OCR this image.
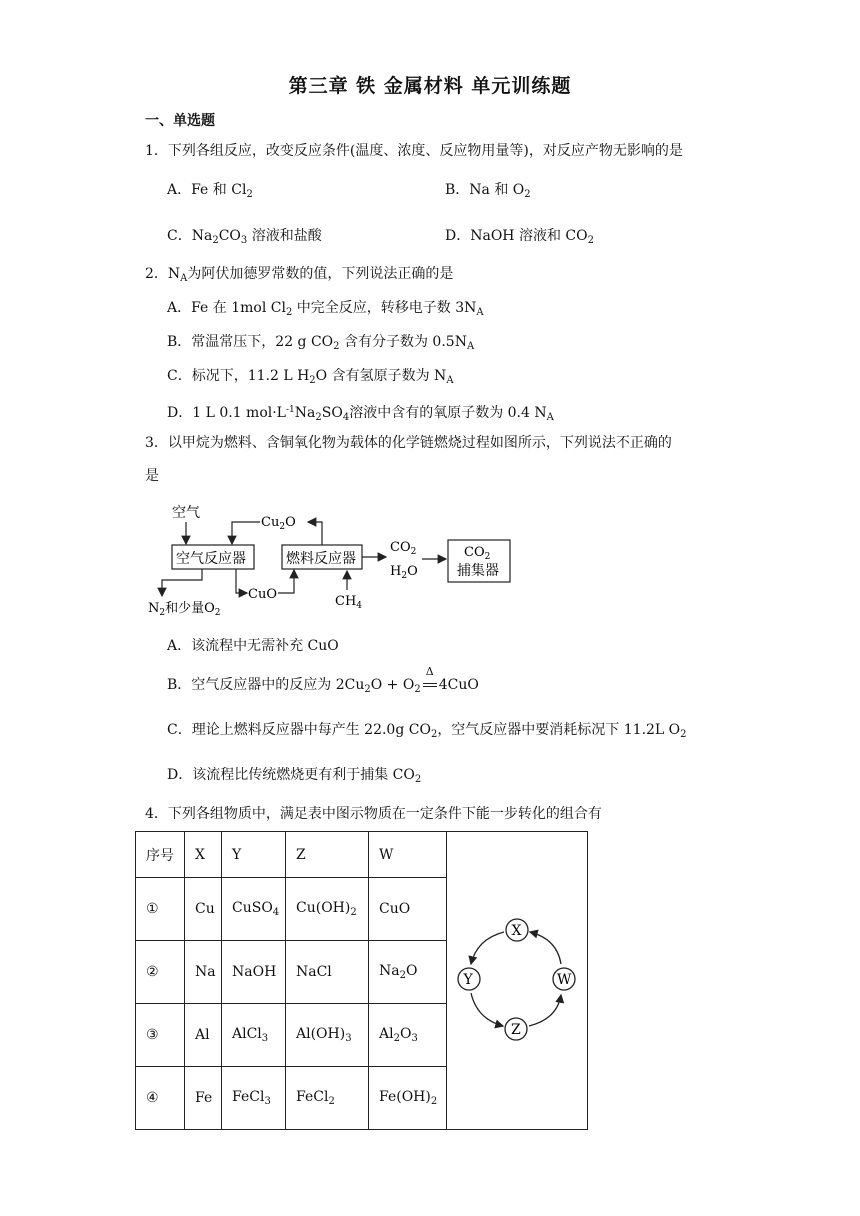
第三章 铁 金属材料 单元训练题
一、单选题
1．下列各组反应，改变反应条件(温度、浓度、反应物用量等)，对反应产物无影响的是
A．Fe 和 $Cl_2$	B．Na 和 $O_2$
C．$Na_2CO_3$ 溶液和盐酸	D．NaOH 溶液和 $CO_2$
2．$N_A$为阿伏加德罗常数的值，下列说法正确的是
A．Fe 在 1mol $Cl_2$ 中完全反应，转移电子数 $3N_A$
B．常温常压下，22 g $CO_2$ 含有分子数为 $0.5N_A$
C．标况下，11.2 L $H_2O$ 含有氢原子数为 $N_A$
D．1 L 0.1 $mol\cdot L^{-1}Na_2SO_4$溶液中含有的氧原子数为 0.4 $N_A$
3．以甲烷为燃料、含铜氧化物为载体的化学链燃烧过程如图所示，下列说法不正确的
是
空气
空气反应器	燃料反应器
$Cu_2O$
CuO
$N_2$和少量$O_2$
$CH_4$
$CO_2$
$H_2O$
$CO_2$
捕集器
A．该流程中无需补充 CuO
B．空气反应器中的反应为 $2Cu_2O + O_2$
Δ
4CuO
C．理论上燃料反应器中每产生 22.0g $CO_2$，空气反应器中要消耗标况下 11.2L $O_2$
D．该流程比传统燃烧更有利于捕集 $CO_2$
4．下列各组物质中，满足表中图示物质在一定条件下能一步转化的组合有
序号	X	Y	Z	W	X
Y
Z
W

①	Cu	CuSO$_4$	$Cu(OH)_2$	CuO	
②	Na	NaOH	NaCl	$Na_2O$	
③	Al	AlCl$_3$	$Al(OH)_3$	$Al_2O_3$
④	Fe	FeCl$_3$	FeCl$_2$	$Fe(OH)_2$
